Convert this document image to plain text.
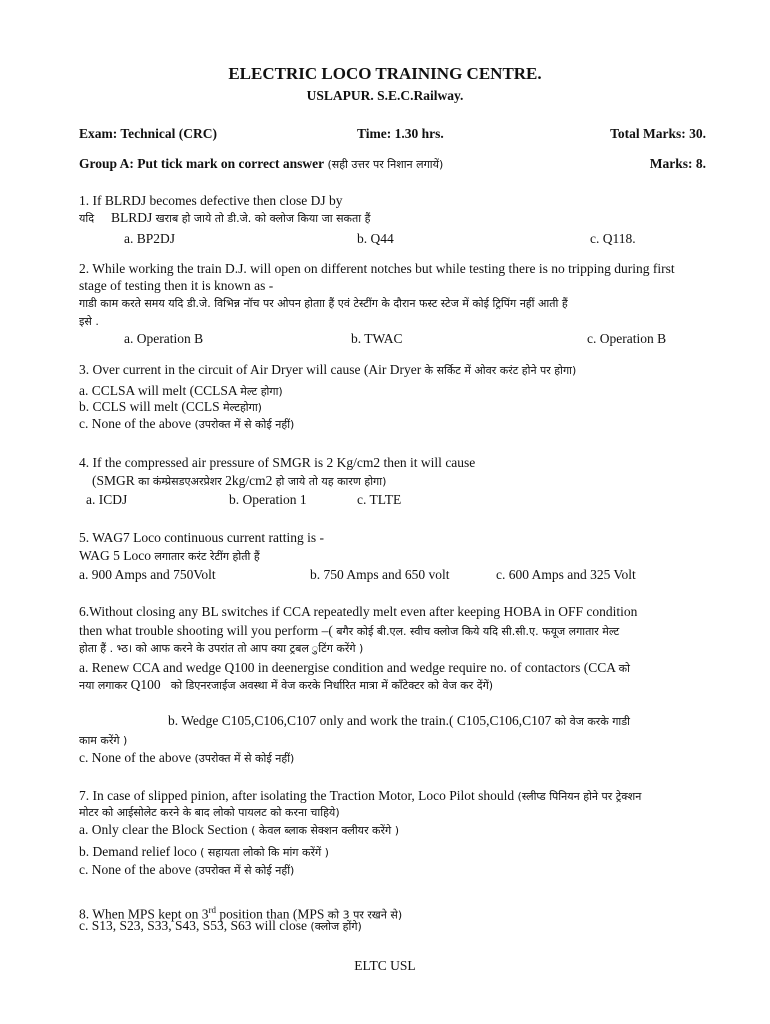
ELECTRIC LOCO TRAINING CENTRE.
USLAPUR. S.E.C.Railway.
Exam: Technical (CRC)	Time: 1.30 hrs.	Total Marks: 30.
Group A: Put tick mark on correct answer (सही उत्तर पर निशान लगायें)	Marks: 8.
1. If BLRDJ becomes defective then close DJ by
यदि BLRDJ खराब हो जाये तो डी.जे. को क्लोज किया जा सकता हैं
a. BP2DJ	b. Q44	c. Q118.
2. While working the train D.J. will open on different notches but while testing there is no tripping during first
stage of testing then it is known as -
गाडी काम करते समय यदि डी.जे. विभिन्न नॉच पर ओपन होताा हैं एवं टेस्टींग के दौरान फस्ट स्टेज में कोई ट्रिपिंग नहीं आती हैं
इसे .
a. Operation B	b. TWAC	c. Operation B
3. Over current in the circuit of Air Dryer will cause (Air Dryer के सर्किट में ओवर करंट होने पर होगा)
a. CCLSA will melt (CCLSA मेल्ट होगा)
b. CCLS will melt (CCLS मेल्टहोगा)
c. None of the above (उपरोक्त में से कोई नहीं)
4. If the compressed air pressure of SMGR is 2 Kg/cm2 then it will cause
(SMGR का कंम्प्रेसडएअरप्रेशर 2kg/cm2 हो जाये तो यह कारण होगा)
a. ICDJ	b. Operation 1	c. TLTE
5. WAG7 Loco continuous current ratting is -
WAG 5 Loco लगातार करंट रेटींग होती हैं
a. 900 Amps and 750Volt	b. 750 Amps and 650 volt	c. 600 Amps and 325 Volt
6.Without closing any BL switches if CCA repeatedly melt even after keeping HOBA in OFF condition
then what trouble shooting will you perform –( बगैर कोई बी.एल. स्वीच क्लोज किये यदि सी.सी.ए. फयूज लगातार मेल्ट
होता हैं . भ्ठ। को आफ करने के उपरांत तो आप क्या ट्रबल ुटिंग करेंगे )
a. Renew CCA and wedge Q100 in deenergise condition and wedge require no. of contactors (CCA को
नया लगाकर Q100 को डिएनरजाईज अवस्था में वेज करके निर्धारित मात्रा में कॉंटेक्टर को वेज कर देंगें)
b. Wedge C105,C106,C107 only and work the train.( C105,C106,C107 को वेज करके गाडी
काम करेंगे )
c. None of the above (उपरोक्त में से कोई नहीं)
7. In case of slipped pinion, after isolating the Traction Motor, Loco Pilot should (स्लीप्ड पिनियन होने पर ट्रेक्शन
मोटर को आईसोलेट करने के बाद लोको पायलट को करना चाहिये)
a. Only clear the Block Section ( केवल ब्लाक सेक्शन क्लीयर करेंगे )
b. Demand relief loco ( सहायता लोको कि मांग करेंगें )
c. None of the above (उपरोक्त में से कोई नहीं)
8. When MPS kept on 3rd position than (MPS को 3 पर रखने से)
c. S13, S23, S33, S43, S53, S63 will close (क्लोज होंगे)
ELTC USL
